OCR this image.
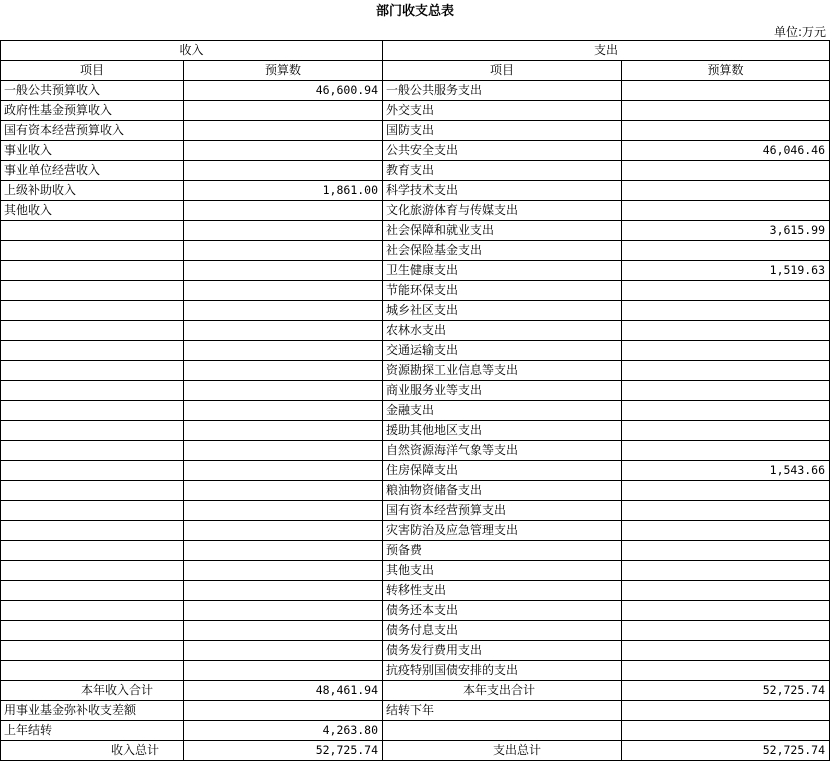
部门收支总表
单位:万元
收入		支出	
项目	预算数	项目	预算数
一般公共预算收入	46,600.94	一般公共服务支出	
政府性基金预算收入		外交支出	
国有资本经营预算收入		国防支出	
事业收入		公共安全支出	46,046.46
事业单位经营收入		教育支出	
上级补助收入	1,861.00	科学技术支出	
其他收入		文化旅游体育与传媒支出	
		社会保障和就业支出	3,615.99
		社会保险基金支出	
		卫生健康支出	1,519.63
		节能环保支出	
		城乡社区支出	
		农林水支出	
		交通运输支出	
		资源勘探工业信息等支出	
		商业服务业等支出	
		金融支出	
		援助其他地区支出	
		自然资源海洋气象等支出	
		住房保障支出	1,543.66
		粮油物资储备支出	
		国有资本经营预算支出	
		灾害防治及应急管理支出	
		预备费	
		其他支出	
		转移性支出	
		债务还本支出	
		债务付息支出	
		债务发行费用支出	
		抗疫特别国债安排的支出	
本年收入合计	48,461.94	本年支出合计	52,725.74
用事业基金弥补收支差额		结转下年	
上年结转	4,263.80		
收入总计	52,725.74	支出总计	52,725.74
